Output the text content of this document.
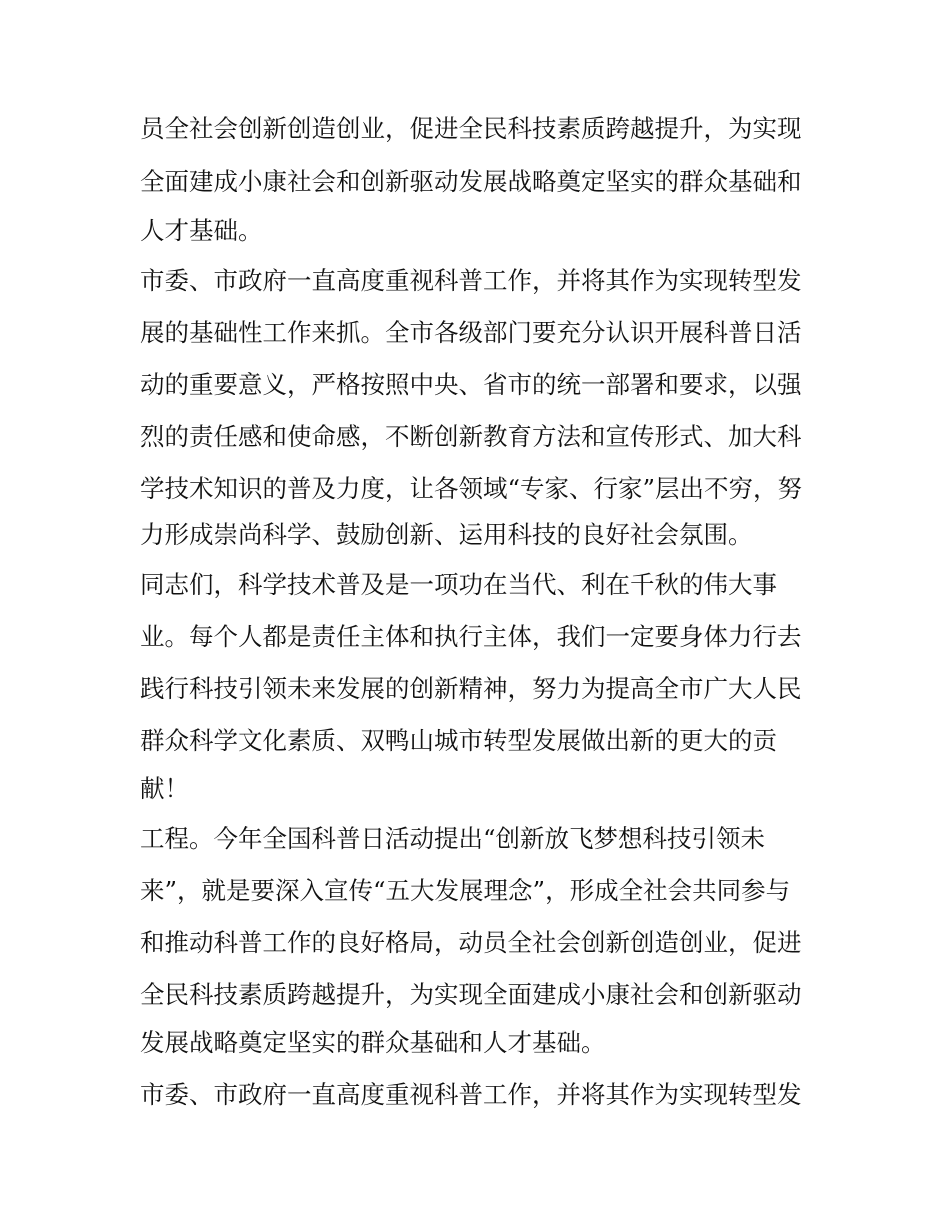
员全社会创新创造创业，促进全民科技素质跨越提升，为实现

全面建成小康社会和创新驱动发展战略奠定坚实的群众基础和

人才基础。

市委、市政府一直高度重视科普工作，并将其作为实现转型发

展的基础性工作来抓。全市各级部门要充分认识开展科普日活

动的重要意义，严格按照中央、省市的统一部署和要求，以强

烈的责任感和使命感，不断创新教育方法和宣传形式、加大科

学技术知识的普及力度，让各领域“专家、行家”层出不穷，努

力形成崇尚科学、鼓励创新、运用科技的良好社会氛围。

同志们，科学技术普及是一项功在当代、利在千秋的伟大事

业。每个人都是责任主体和执行主体，我们一定要身体力行去

践行科技引领未来发展的创新精神，努力为提高全市广大人民

群众科学文化素质、双鸭山城市转型发展做出新的更大的贡

献！

工程。今年全国科普日活动提出“创新放飞梦想科技引领未

来”，就是要深入宣传“五大发展理念”，形成全社会共同参与

和推动科普工作的良好格局，动员全社会创新创造创业，促进

全民科技素质跨越提升，为实现全面建成小康社会和创新驱动

发展战略奠定坚实的群众基础和人才基础。

市委、市政府一直高度重视科普工作，并将其作为实现转型发
